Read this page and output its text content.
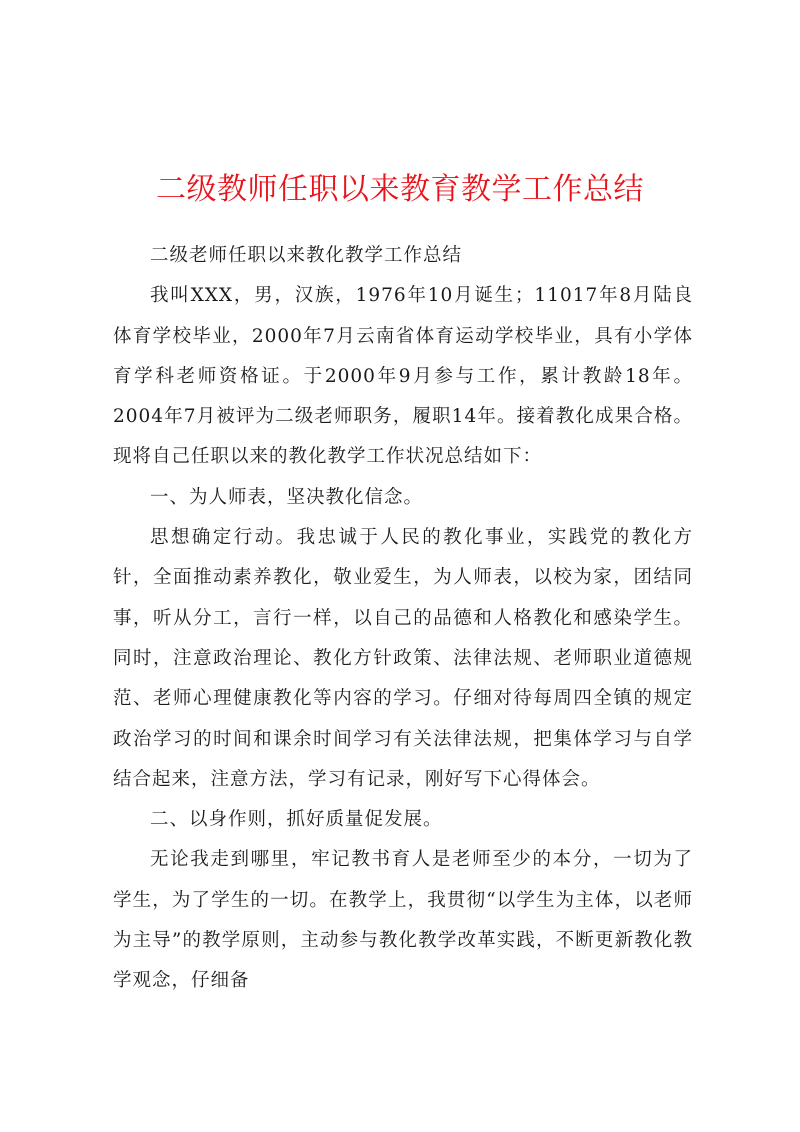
二级教师任职以来教育教学工作总结

二级老师任职以来教化教学工作总结

我叫XXX，男，汉族，1976年10月诞生；11017年8月陆良体育学校毕业，2000年7月云南省体育运动学校毕业，具有小学体育学科老师资格证。于2000年9月参与工作，累计教龄18年。2004年7月被评为二级老师职务，履职14年。接着教化成果合格。现将自己任职以来的教化教学工作状况总结如下：

一、为人师表，坚决教化信念。

思想确定行动。我忠诚于人民的教化事业，实践党的教化方针，全面推动素养教化，敬业爱生，为人师表，以校为家，团结同事，听从分工，言行一样，以自己的品德和人格教化和感染学生。同时，注意政治理论、教化方针政策、法律法规、老师职业道德规范、老师心理健康教化等内容的学习。仔细对待每周四全镇的规定政治学习的时间和课余时间学习有关法律法规，把集体学习与自学结合起来，注意方法，学习有记录，刚好写下心得体会。

二、以身作则，抓好质量促发展。

无论我走到哪里，牢记教书育人是老师至少的本分，一切为了学生，为了学生的一切。在教学上，我贯彻“以学生为主体，以老师为主导”的教学原则，主动参与教化教学改革实践，不断更新教化教学观念，仔细备
